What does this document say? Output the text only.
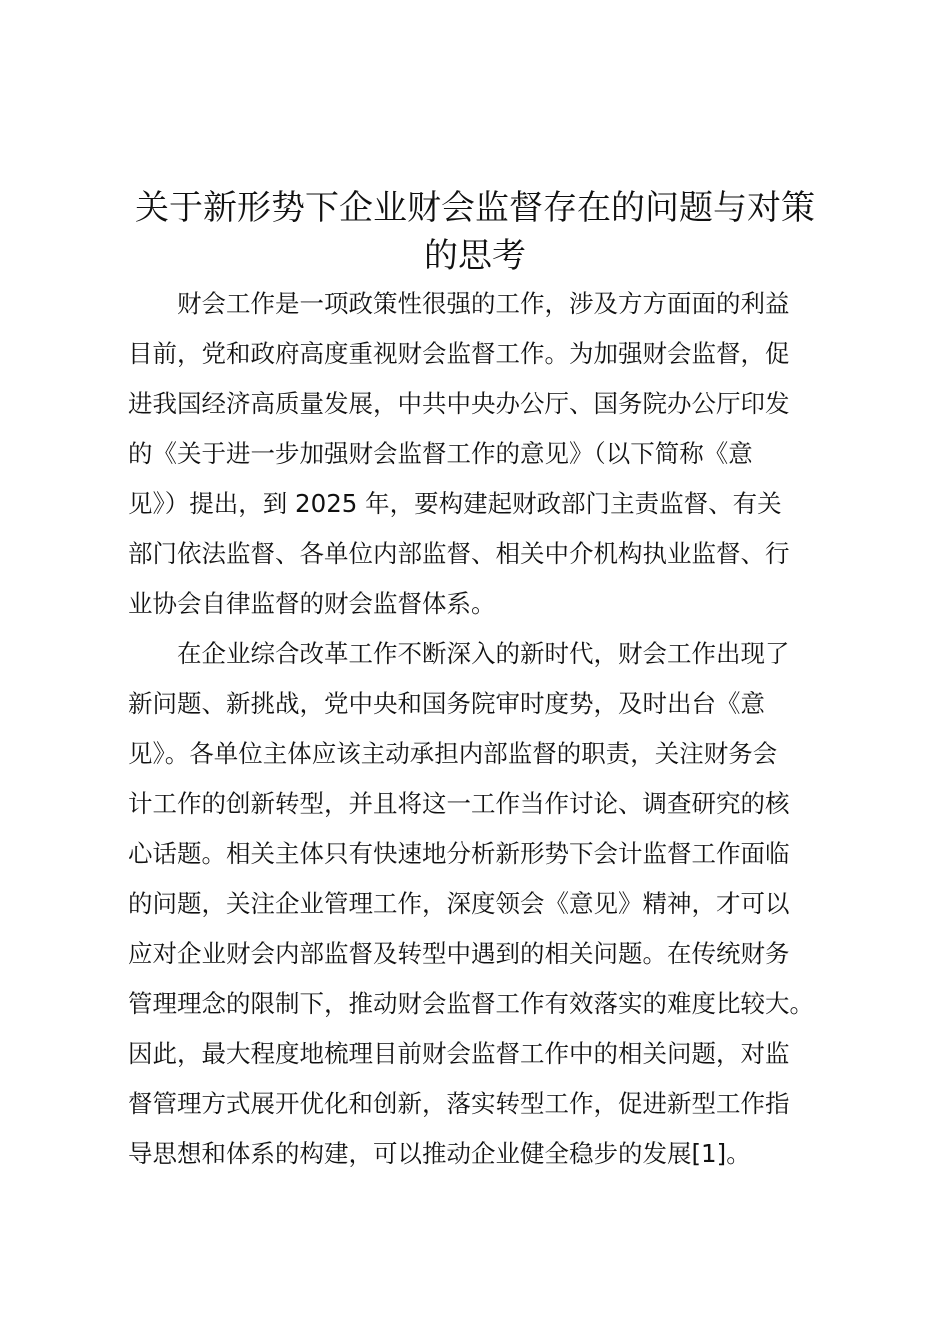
关于新形势下企业财会监督存在的问题与对策
的思考
财会工作是一项政策性很强的工作，涉及方方面面的利益
目前，党和政府高度重视财会监督工作。为加强财会监督，促
进我国经济高质量发展，中共中央办公厅、国务院办公厅印发
的《关于进一步加强财会监督工作的意见》（以下简称《意
见》）提出，到 2025 年，要构建起财政部门主责监督、有关
部门依法监督、各单位内部监督、相关中介机构执业监督、行
业协会自律监督的财会监督体系。
在企业综合改革工作不断深入的新时代，财会工作出现了
新问题、新挑战，党中央和国务院审时度势，及时出台《意
见》。各单位主体应该主动承担内部监督的职责，关注财务会
计工作的创新转型，并且将这一工作当作讨论、调查研究的核
心话题。相关主体只有快速地分析新形势下会计监督工作面临
的问题，关注企业管理工作，深度领会《意见》精神，才可以
应对企业财会内部监督及转型中遇到的相关问题。在传统财务
管理理念的限制下，推动财会监督工作有效落实的难度比较大。
因此，最大程度地梳理目前财会监督工作中的相关问题，对监
督管理方式展开优化和创新，落实转型工作，促进新型工作指
导思想和体系的构建，可以推动企业健全稳步的发展[1]。
